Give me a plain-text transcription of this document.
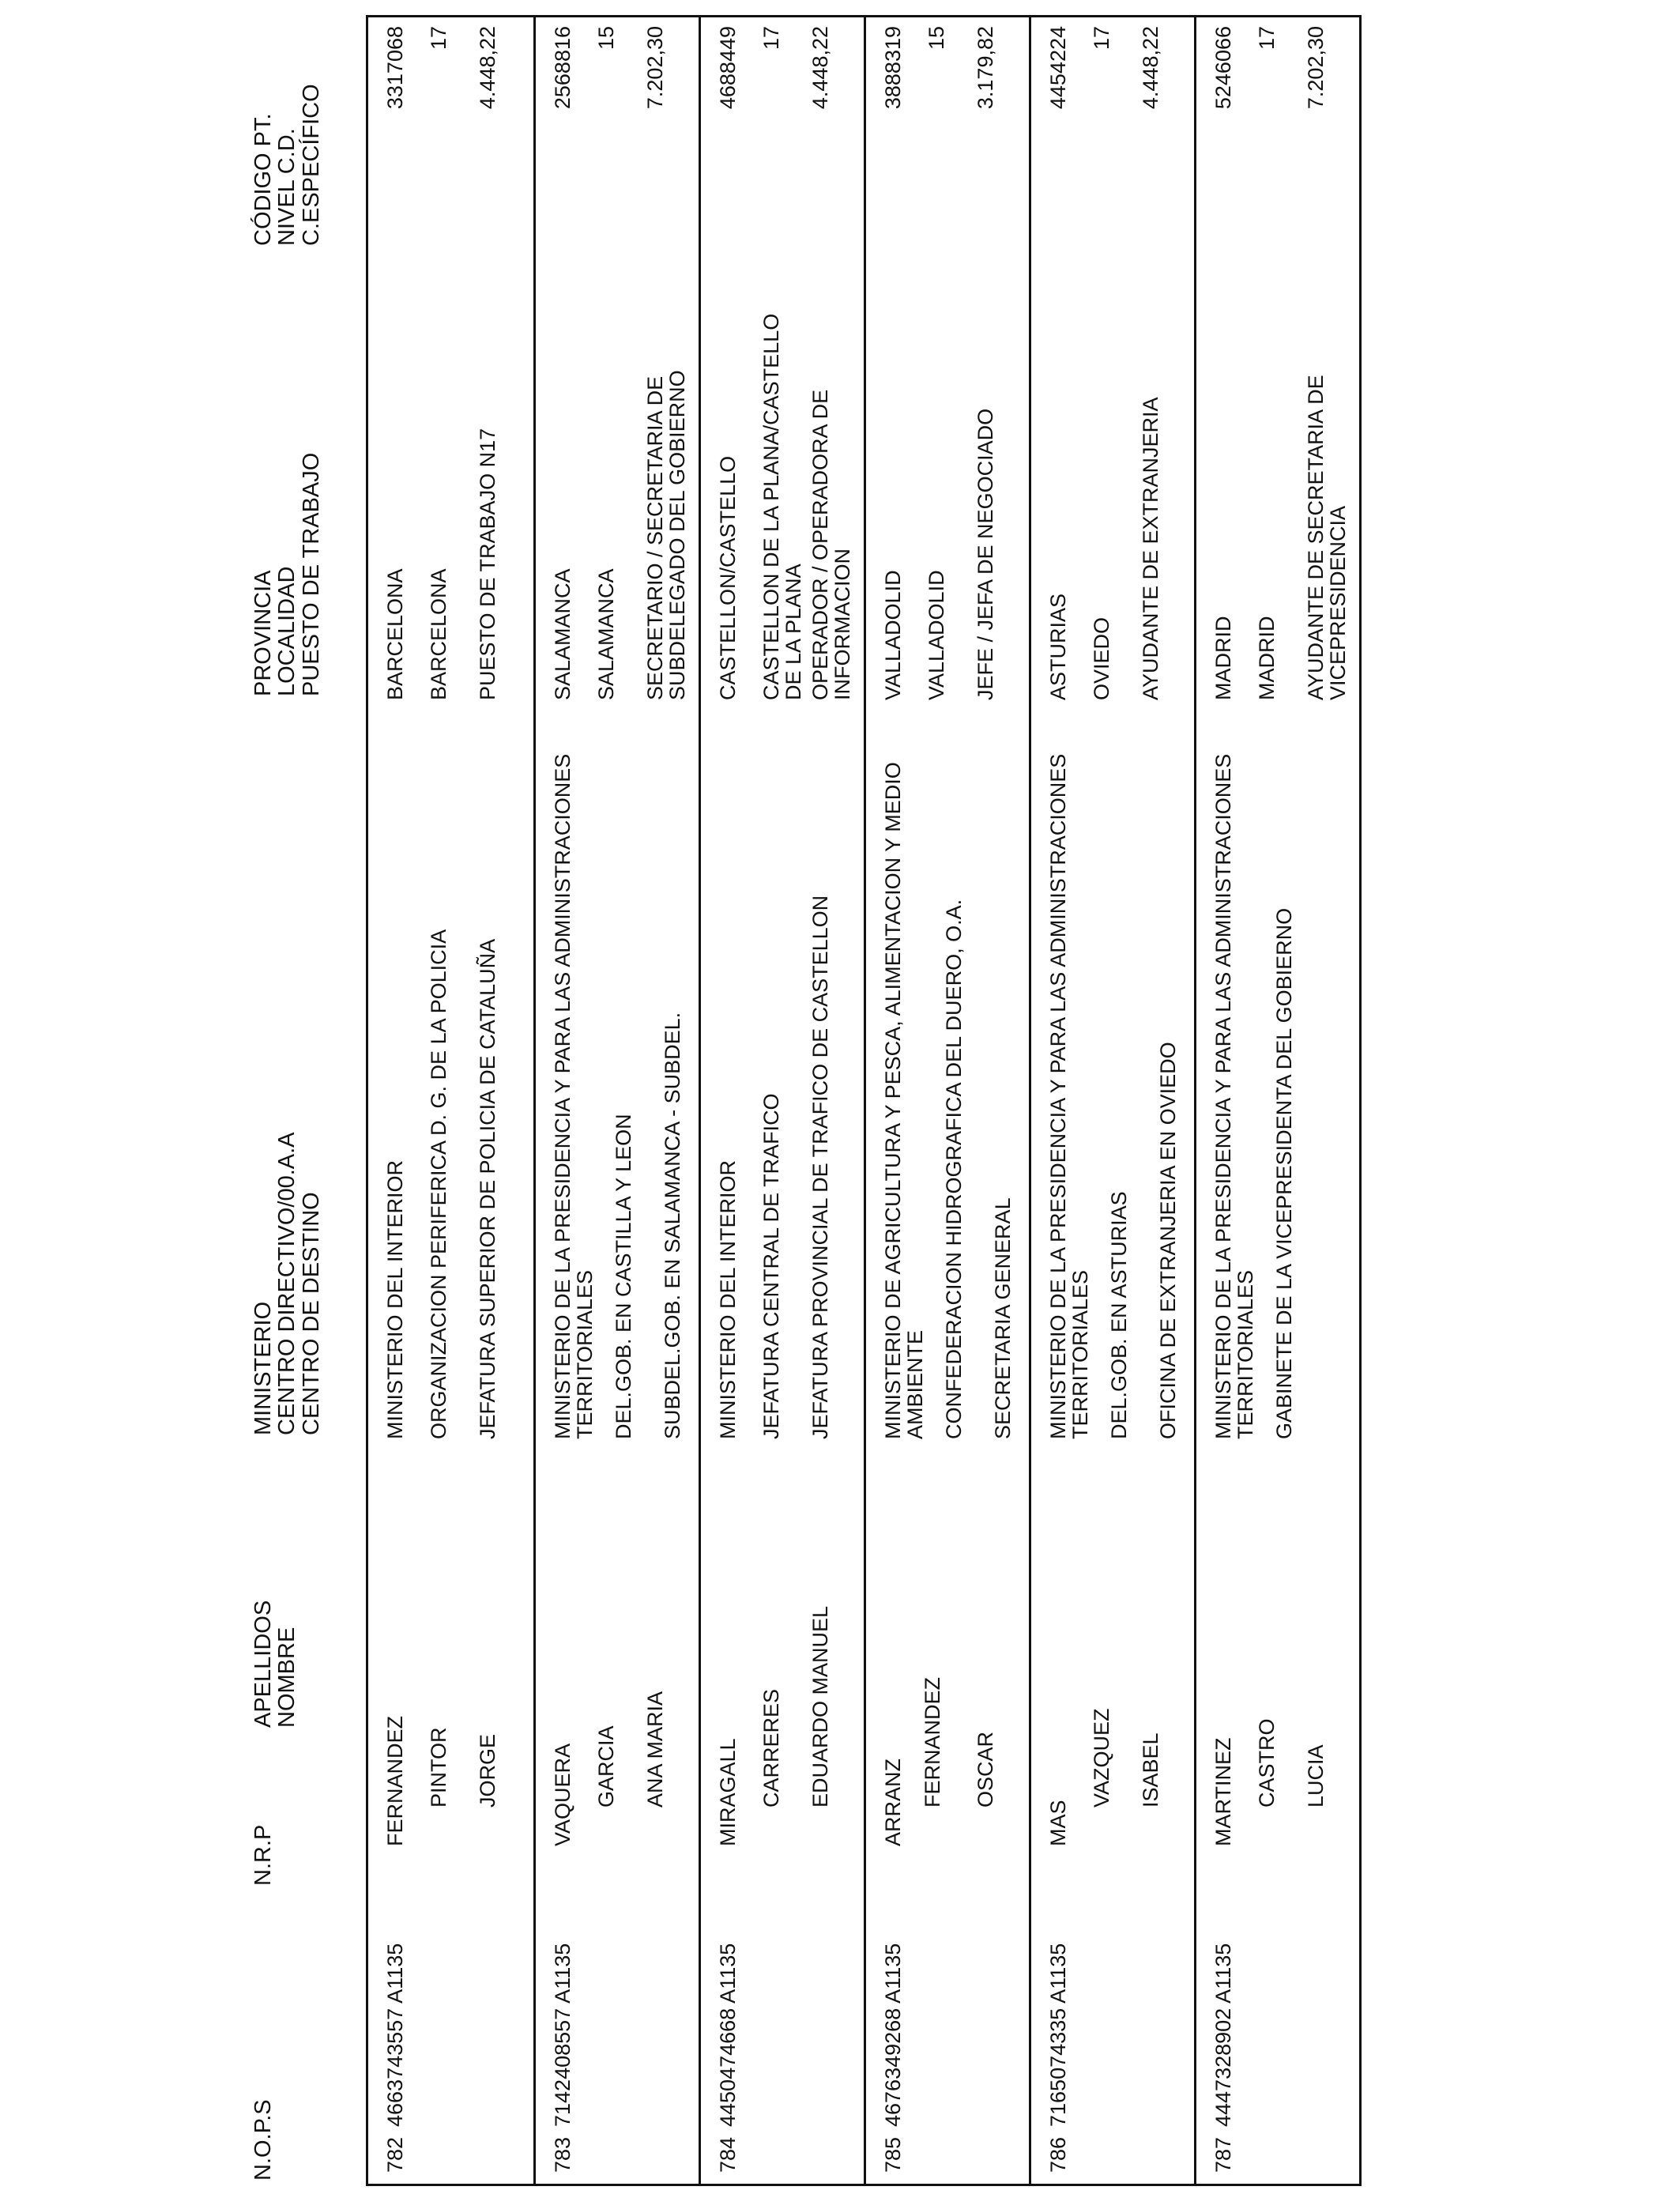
N.O.P.S
N.R.P
APELLIDOS
NOMBRE
MINISTERIO
CENTRO DIRECTIVO/00.A.A
CENTRO DE DESTINO
PROVINCIA
LOCALIDAD
PUESTO DE TRABAJO
CÓDIGO PT.
NIVEL C.D.
C.ESPECÍFICO
782
4663743557 A1135
FERNANDEZ PINTOR JORGE
MINISTERIO DEL INTERIOR ORGANIZACION PERIFERICA D. G. DE LA POLICIA JEFATURA SUPERIOR DE POLICIA DE CATALUÑA
BARCELONA BARCELONA PUESTO DE TRABAJO N17
3317068 17 4.448,22
783
7142408557 A1135
VAQUERA GARCIA ANA MARIA
MINISTERIO DE LA PRESIDENCIA Y PARA LAS ADMINISTRACIONES TERRITORIALES DEL.GOB. EN CASTILLA Y LEON SUBDEL.GOB. EN SALAMANCA - SUBDEL.
SALAMANCA SALAMANCA SECRETARIO / SECRETARIA DE SUBDELEGADO DEL GOBIERNO
2568816 15 7.202,30
784
4450474668 A1135
MIRAGALL CARRERES EDUARDO MANUEL
MINISTERIO DEL INTERIOR JEFATURA CENTRAL DE TRAFICO JEFATURA PROVINCIAL DE TRAFICO DE CASTELLON
CASTELLON/CASTELLO CASTELLON DE LA PLANA/CASTELLO DE LA PLANA OPERADOR / OPERADORA DE INFORMACION
4688449 17 4.448,22
785
4676349268 A1135
ARRANZ FERNANDEZ OSCAR
MINISTERIO DE AGRICULTURA Y PESCA, ALIMENTACION Y MEDIO AMBIENTE CONFEDERACION HIDROGRAFICA DEL DUERO, O.A. SECRETARIA GENERAL
VALLADOLID VALLADOLID JEFE / JEFA DE NEGOCIADO
3888319 15 3.179,82
786
7165074335 A1135
MAS
VAZQUEZ ISABEL
MINISTERIO DE LA PRESIDENCIA Y PARA LAS ADMINISTRACIONES TERRITORIALES DEL.GOB. EN ASTURIAS OFICINA DE EXTRANJERIA EN OVIEDO
ASTURIAS OVIEDO AYUDANTE DE EXTRANJERIA
4454224 17 4.448,22
787
4447328902 A1135
MARTINEZ CASTRO LUCIA
MINISTERIO DE LA PRESIDENCIA Y PARA LAS ADMINISTRACIONES TERRITORIALES GABINETE DE LA VICEPRESIDENTA DEL GOBIERNO
MADRID MADRID AYUDANTE DE SECRETARIA DE VICEPRESIDENCIA
5246066 17 7.202,30
